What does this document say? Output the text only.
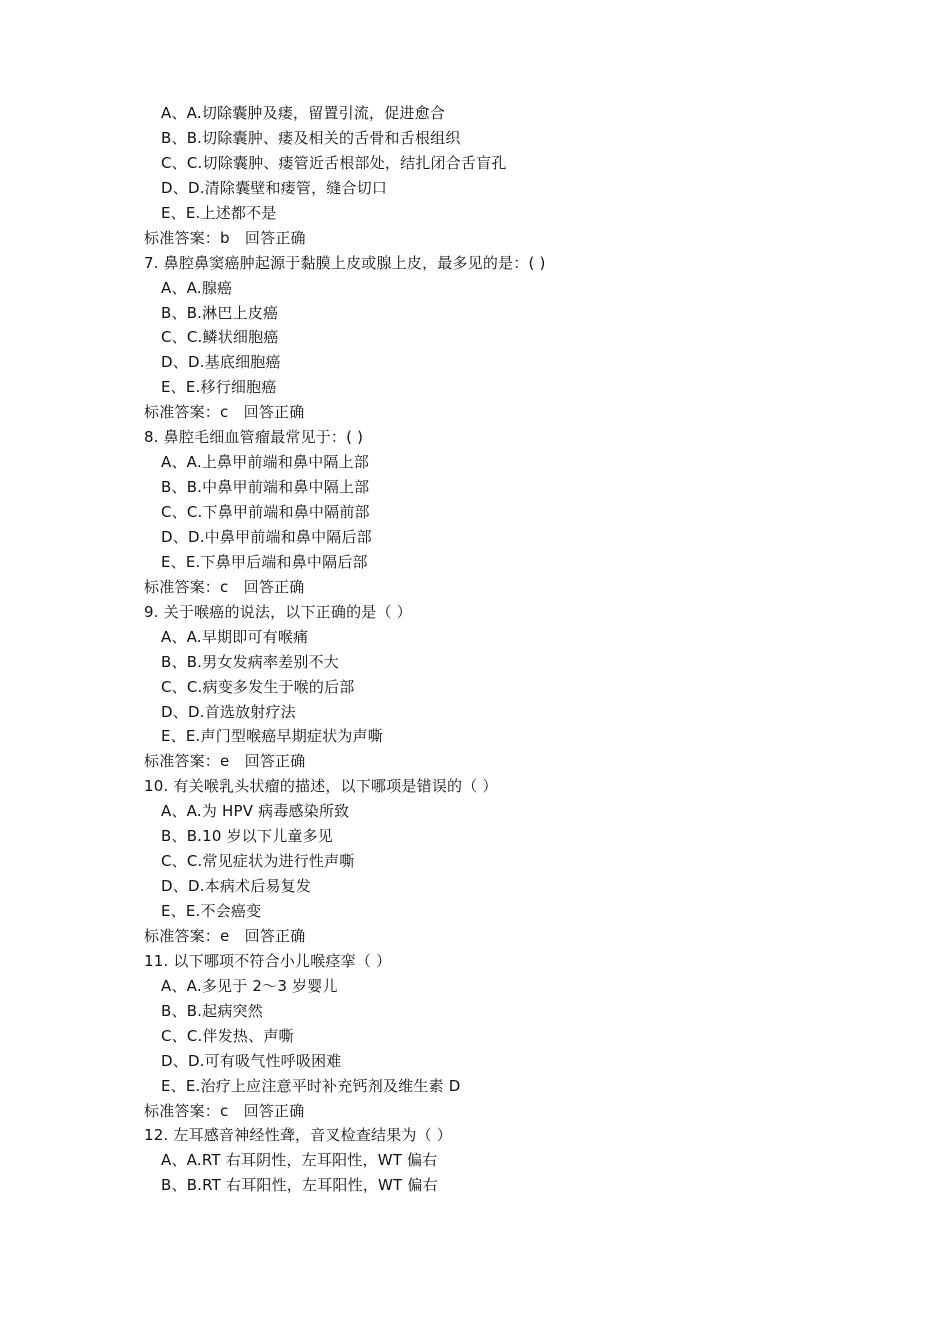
A、A.切除囊肿及瘘，留置引流，促进愈合
B、B.切除囊肿、瘘及相关的舌骨和舌根组织
C、C.切除囊肿、瘘管近舌根部处，结扎闭合舌盲孔
D、D.清除囊壁和瘘管，缝合切口
E、E.上述都不是
标准答案：b　回答正确
7. 鼻腔鼻窦癌肿起源于黏膜上皮或腺上皮，最多见的是：( )
A、A.腺癌
B、B.淋巴上皮癌
C、C.鳞状细胞癌
D、D.基底细胞癌
E、E.移行细胞癌
标准答案：c　回答正确
8. 鼻腔毛细血管瘤最常见于：( )
A、A.上鼻甲前端和鼻中隔上部
B、B.中鼻甲前端和鼻中隔上部
C、C.下鼻甲前端和鼻中隔前部
D、D.中鼻甲前端和鼻中隔后部
E、E.下鼻甲后端和鼻中隔后部
标准答案：c　回答正确
9. 关于喉癌的说法，以下正确的是（ ）
A、A.早期即可有喉痛
B、B.男女发病率差别不大
C、C.病变多发生于喉的后部
D、D.首选放射疗法
E、E.声门型喉癌早期症状为声嘶
标准答案：e　回答正确
10. 有关喉乳头状瘤的描述，以下哪项是错误的（ ）
A、A.为 HPV 病毒感染所致
B、B.10 岁以下儿童多见
C、C.常见症状为进行性声嘶
D、D.本病术后易复发
E、E.不会癌变
标准答案：e　回答正确
11. 以下哪项不符合小儿喉痉挛（ ）
A、A.多见于 2～3 岁婴儿
B、B.起病突然
C、C.伴发热、声嘶
D、D.可有吸气性呼吸困难
E、E.治疗上应注意平时补充钙剂及维生素 D
标准答案：c　回答正确
12. 左耳感音神经性聋，音叉检查结果为（ ）
A、A.RT 右耳阴性，左耳阳性，WT 偏右
B、B.RT 右耳阳性，左耳阳性，WT 偏右
